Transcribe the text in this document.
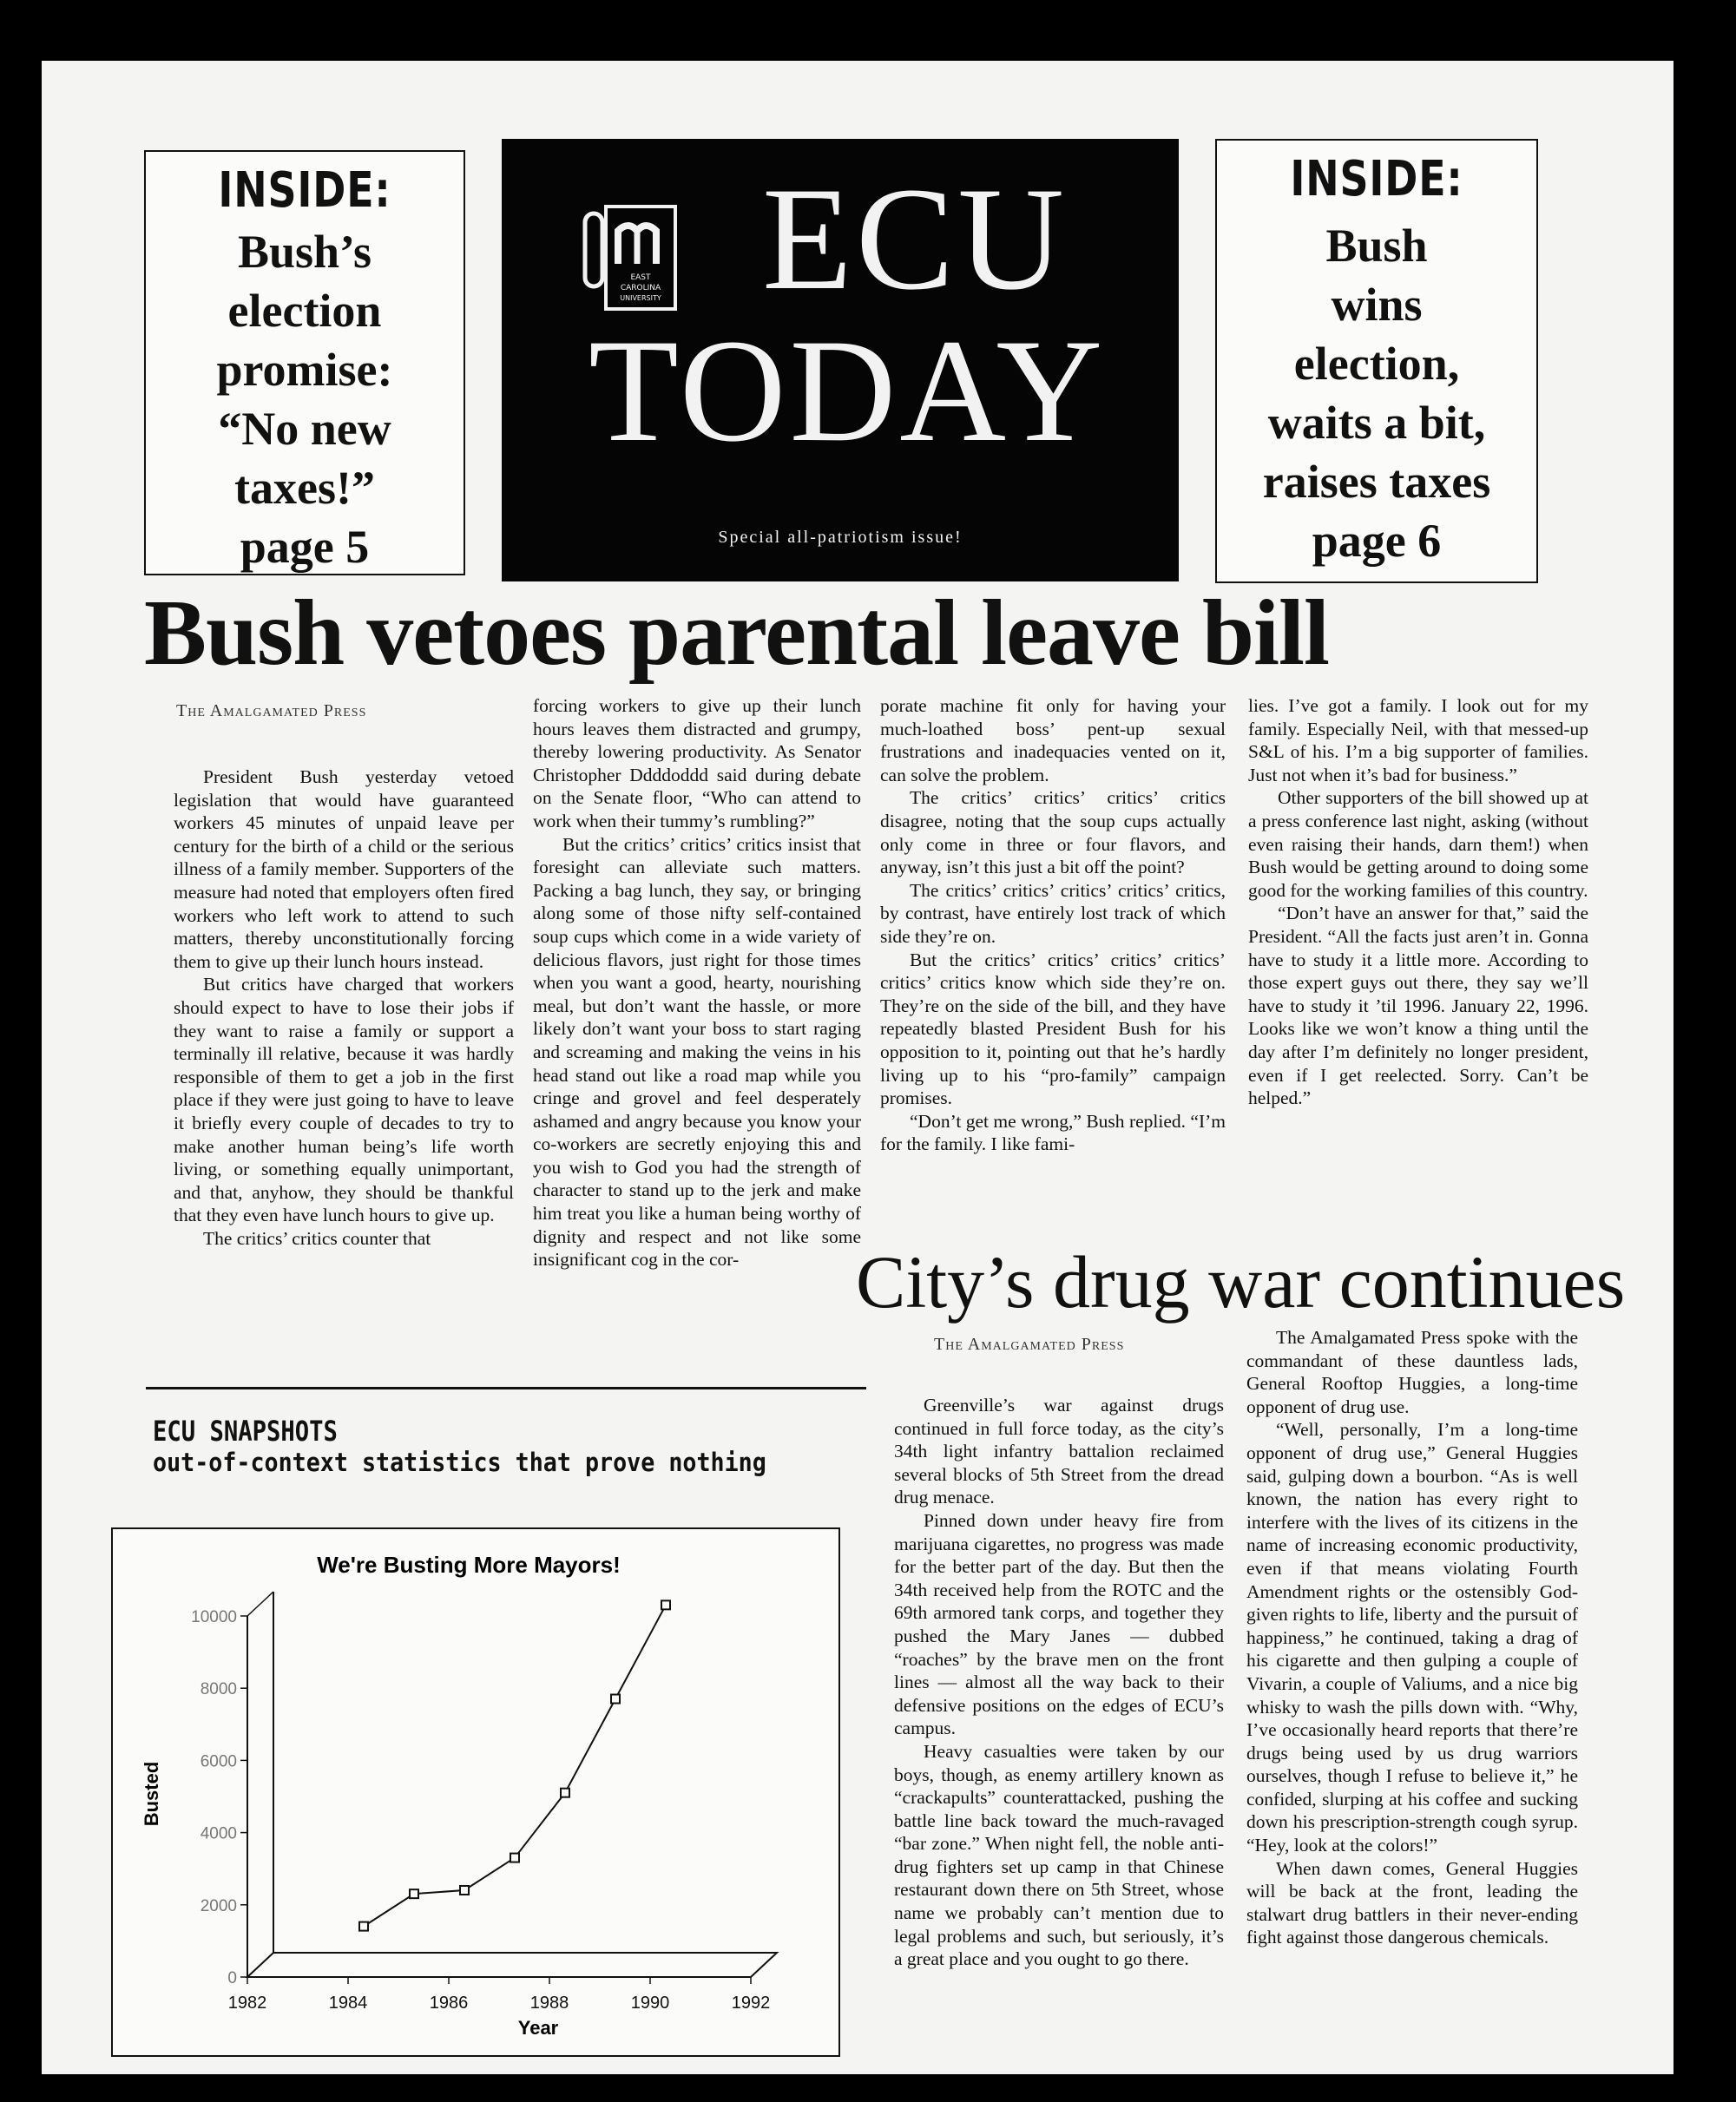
INSIDE:
Bush’s
election
promise:
“No new
taxes!”
page 5
EAST
CAROLINA
UNIVERSITY ECU
TODAY
Special all-patriotism issue!
INSIDE:
Bush
wins
election,
waits a bit,
raises taxes
page 6
Bush vetoes parental leave bill
The Amalgamated Press

President Bush yesterday vetoed legislation that would have guaranteed workers 45 minutes of unpaid leave per century for the birth of a child or the serious illness of a family member. Supporters of the measure had noted that employers often fired workers who left work to attend to such matters, thereby unconstitutionally forcing them to give up their lunch hours instead.

But critics have charged that workers should expect to have to lose their jobs if they want to raise a family or support a terminally ill relative, because it was hardly responsible of them to get a job in the first place if they were just going to have to leave it briefly every couple of decades to try to make another human being’s life worth living, or something equally unimportant, and that, anyhow, they should be thankful that they even have lunch hours to give up.

The critics’ critics counter that

forcing workers to give up their lunch hours leaves them distracted and grumpy, thereby lowering productivity. As Senator Christopher Ddddoddd said during debate on the Senate floor, “Who can attend to work when their tummy’s rumbling?”

But the critics’ critics’ critics insist that foresight can alleviate such matters. Packing a bag lunch, they say, or bringing along some of those nifty self-contained soup cups which come in a wide variety of delicious flavors, just right for those times when you want a good, hearty, nourishing meal, but don’t want the hassle, or more likely don’t want your boss to start raging and screaming and making the veins in his head stand out like a road map while you cringe and grovel and feel desperately ashamed and angry because you know your co-workers are secretly enjoying this and you wish to God you had the strength of character to stand up to the jerk and make him treat you like a human being worthy of dignity and respect and not like some insignificant cog in the cor-

porate machine fit only for having your much-loathed boss’ pent-up sexual frustrations and inadequacies vented on it, can solve the problem.

The critics’ critics’ critics’ critics disagree, noting that the soup cups actually only come in three or four flavors, and anyway, isn’t this just a bit off the point?

The critics’ critics’ critics’ critics’ critics, by contrast, have entirely lost track of which side they’re on.

But the critics’ critics’ critics’ critics’ critics’ critics know which side they’re on. They’re on the side of the bill, and they have repeatedly blasted President Bush for his opposition to it, pointing out that he’s hardly living up to his “pro-family” campaign promises.

“Don’t get me wrong,” Bush replied. “I’m for the family. I like fami-

lies. I’ve got a family. I look out for my family. Especially Neil, with that messed-up S&L of his. I’m a big supporter of families. Just not when it’s bad for business.”

Other supporters of the bill showed up at a press conference last night, asking (without even raising their hands, darn them!) when Bush would be getting around to doing some good for the working families of this country.

“Don’t have an answer for that,” said the President. “All the facts just aren’t in. Gonna have to study it a little more. According to those expert guys out there, they say we’ll have to study it ’til 1996. January 22, 1996. Looks like we won’t know a thing until the day after I’m definitely no longer president, even if I get reelected. Sorry. Can’t be helped.”

City’s drug war continues
The Amalgamated Press

Greenville’s war against drugs continued in full force today, as the city’s 34th light infantry battalion reclaimed several blocks of 5th Street from the dread drug menace.

Pinned down under heavy fire from marijuana cigarettes, no progress was made for the better part of the day. But then the 34th received help from the ROTC and the 69th armored tank corps, and together they pushed the Mary Janes — dubbed “roaches” by the brave men on the front lines — almost all the way back to their defensive positions on the edges of ECU’s campus.

Heavy casualties were taken by our boys, though, as enemy artillery known as “crackapults” counterattacked, pushing the battle line back toward the much-ravaged “bar zone.” When night fell, the noble anti-drug fighters set up camp in that Chinese restaurant down there on 5th Street, whose name we probably can’t mention due to legal problems and such, but seriously, it’s a great place and you ought to go there.

The Amalgamated Press spoke with the commandant of these dauntless lads, General Rooftop Huggies, a long-time opponent of drug use.

“Well, personally, I’m a long-time opponent of drug use,” General Huggies said, gulping down a bourbon. “As is well known, the nation has every right to interfere with the lives of its citizens in the name of increasing economic productivity, even if that means violating Fourth Amendment rights or the ostensibly God-given rights to life, liberty and the pursuit of happiness,” he continued, taking a drag of his cigarette and then gulping a couple of Vivarin, a couple of Valiums, and a nice big whisky to wash the pills down with. “Why, I’ve occasionally heard reports that there’re drugs being used by us drug warriors ourselves, though I refuse to believe it,” he confided, slurping at his coffee and sucking down his prescription-strength cough syrup. “Hey, look at the colors!”

When dawn comes, General Huggies will be back at the front, leading the stalwart drug battlers in their never-ending fight against those dangerous chemicals.

ECU SNAPSHOTS
out-of-context statistics that prove nothing
We're Busting More Mayors!
Busted
Year
0
2000
4000
6000
8000
10000
1982	1984	1986	1988	1990	1992
